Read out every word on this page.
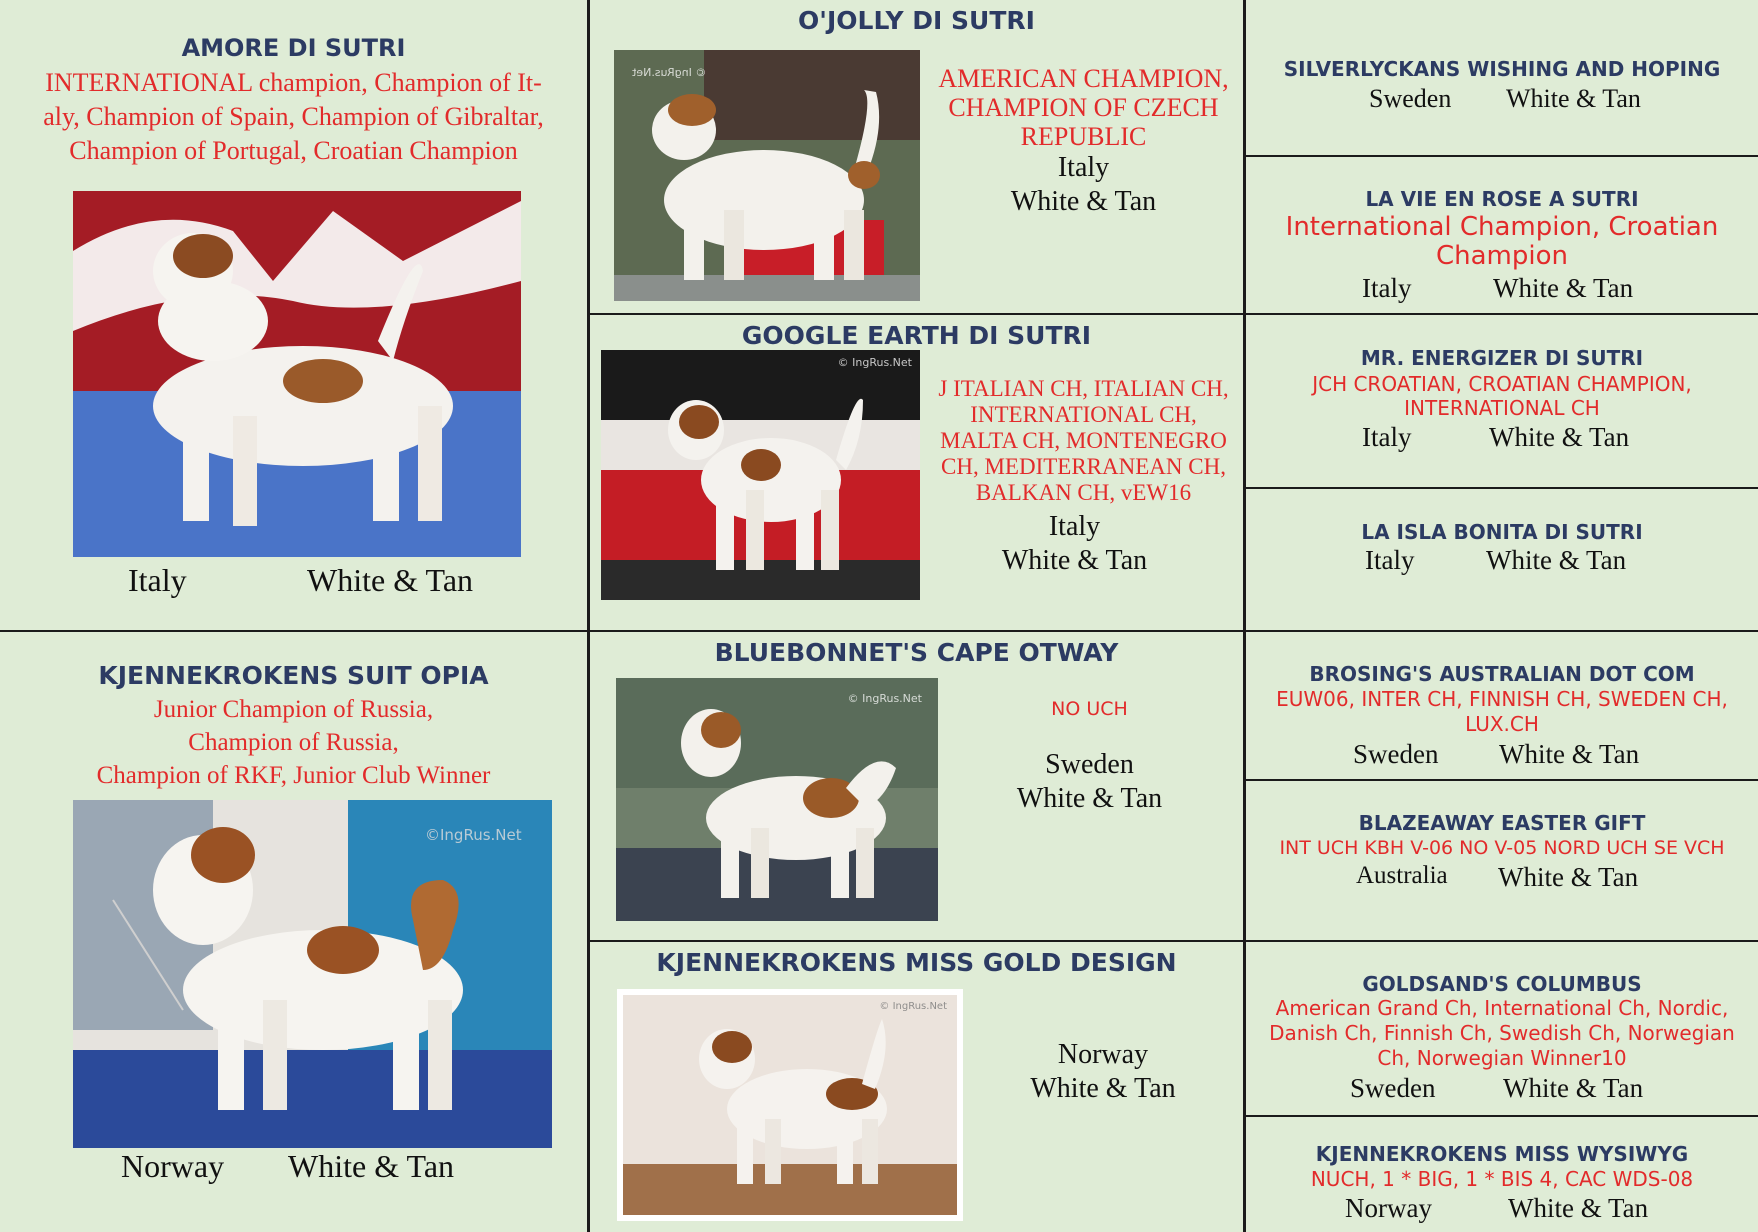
AMORE DI SUTRI
INTERNATIONAL champion, Champion of It-
aly, Champion of Spain, Champion of Gibraltar,
Champion of Portugal, Croatian Champion
Italy	White & Tan
O'JOLLY DI SUTRI
© IngRus.Net	AMERICAN CHAMPION,
CHAMPION OF CZECH
REPUBLIC
Italy
White & Tan
SILVERLYCKANS WISHING AND HOPING
Sweden White & Tan
LA VIE EN ROSE A SUTRI
International Champion, Croatian
Champion
Italy	White & Tan
GOOGLE EARTH DI SUTRI
© IngRus.Net
J ITALIAN CH, ITALIAN CH,
INTERNATIONAL CH,
MALTA CH, MONTENEGRO
CH, MEDITERRANEAN CH,
BALKAN CH, vEW16
Italy
White & Tan
MR. ENERGIZER DI SUTRI
JCH CROATIAN, CROATIAN CHAMPION,
INTERNATIONAL CH
Italy	White & Tan
LA ISLA BONITA DI SUTRI
Italy	White & Tan
KJENNEKROKENS SUIT OPIA
Junior Champion of Russia,
Champion of Russia,
Champion of RKF, Junior Club Winner
©IngRus.Net
Norway White & Tan
BLUEBONNET'S CAPE OTWAY
© IngRus.Net	NO UCH
Sweden
White & Tan
BROSING'S AUSTRALIAN DOT COM
EUW06, INTER CH, FINNISH CH, SWEDEN CH,
LUX.CH
Sweden White & Tan
BLAZEAWAY EASTER GIFT
INT UCH KBH V-06 NO V-05 NORD UCH SE VCH
Australia White & Tan
KJENNEKROKENS MISS GOLD DESIGN
© IngRus.Net
Norway
White & Tan
GOLDSAND'S COLUMBUS
American Grand Ch, International Ch, Nordic,
Danish Ch, Finnish Ch, Swedish Ch, Norwegian
Ch, Norwegian Winner10
Sweden	White & Tan
KJENNEKROKENS MISS WYSIWYG
NUCH, 1 * BIG, 1 * BIS 4, CAC WDS-08
Norway	White & Tan
